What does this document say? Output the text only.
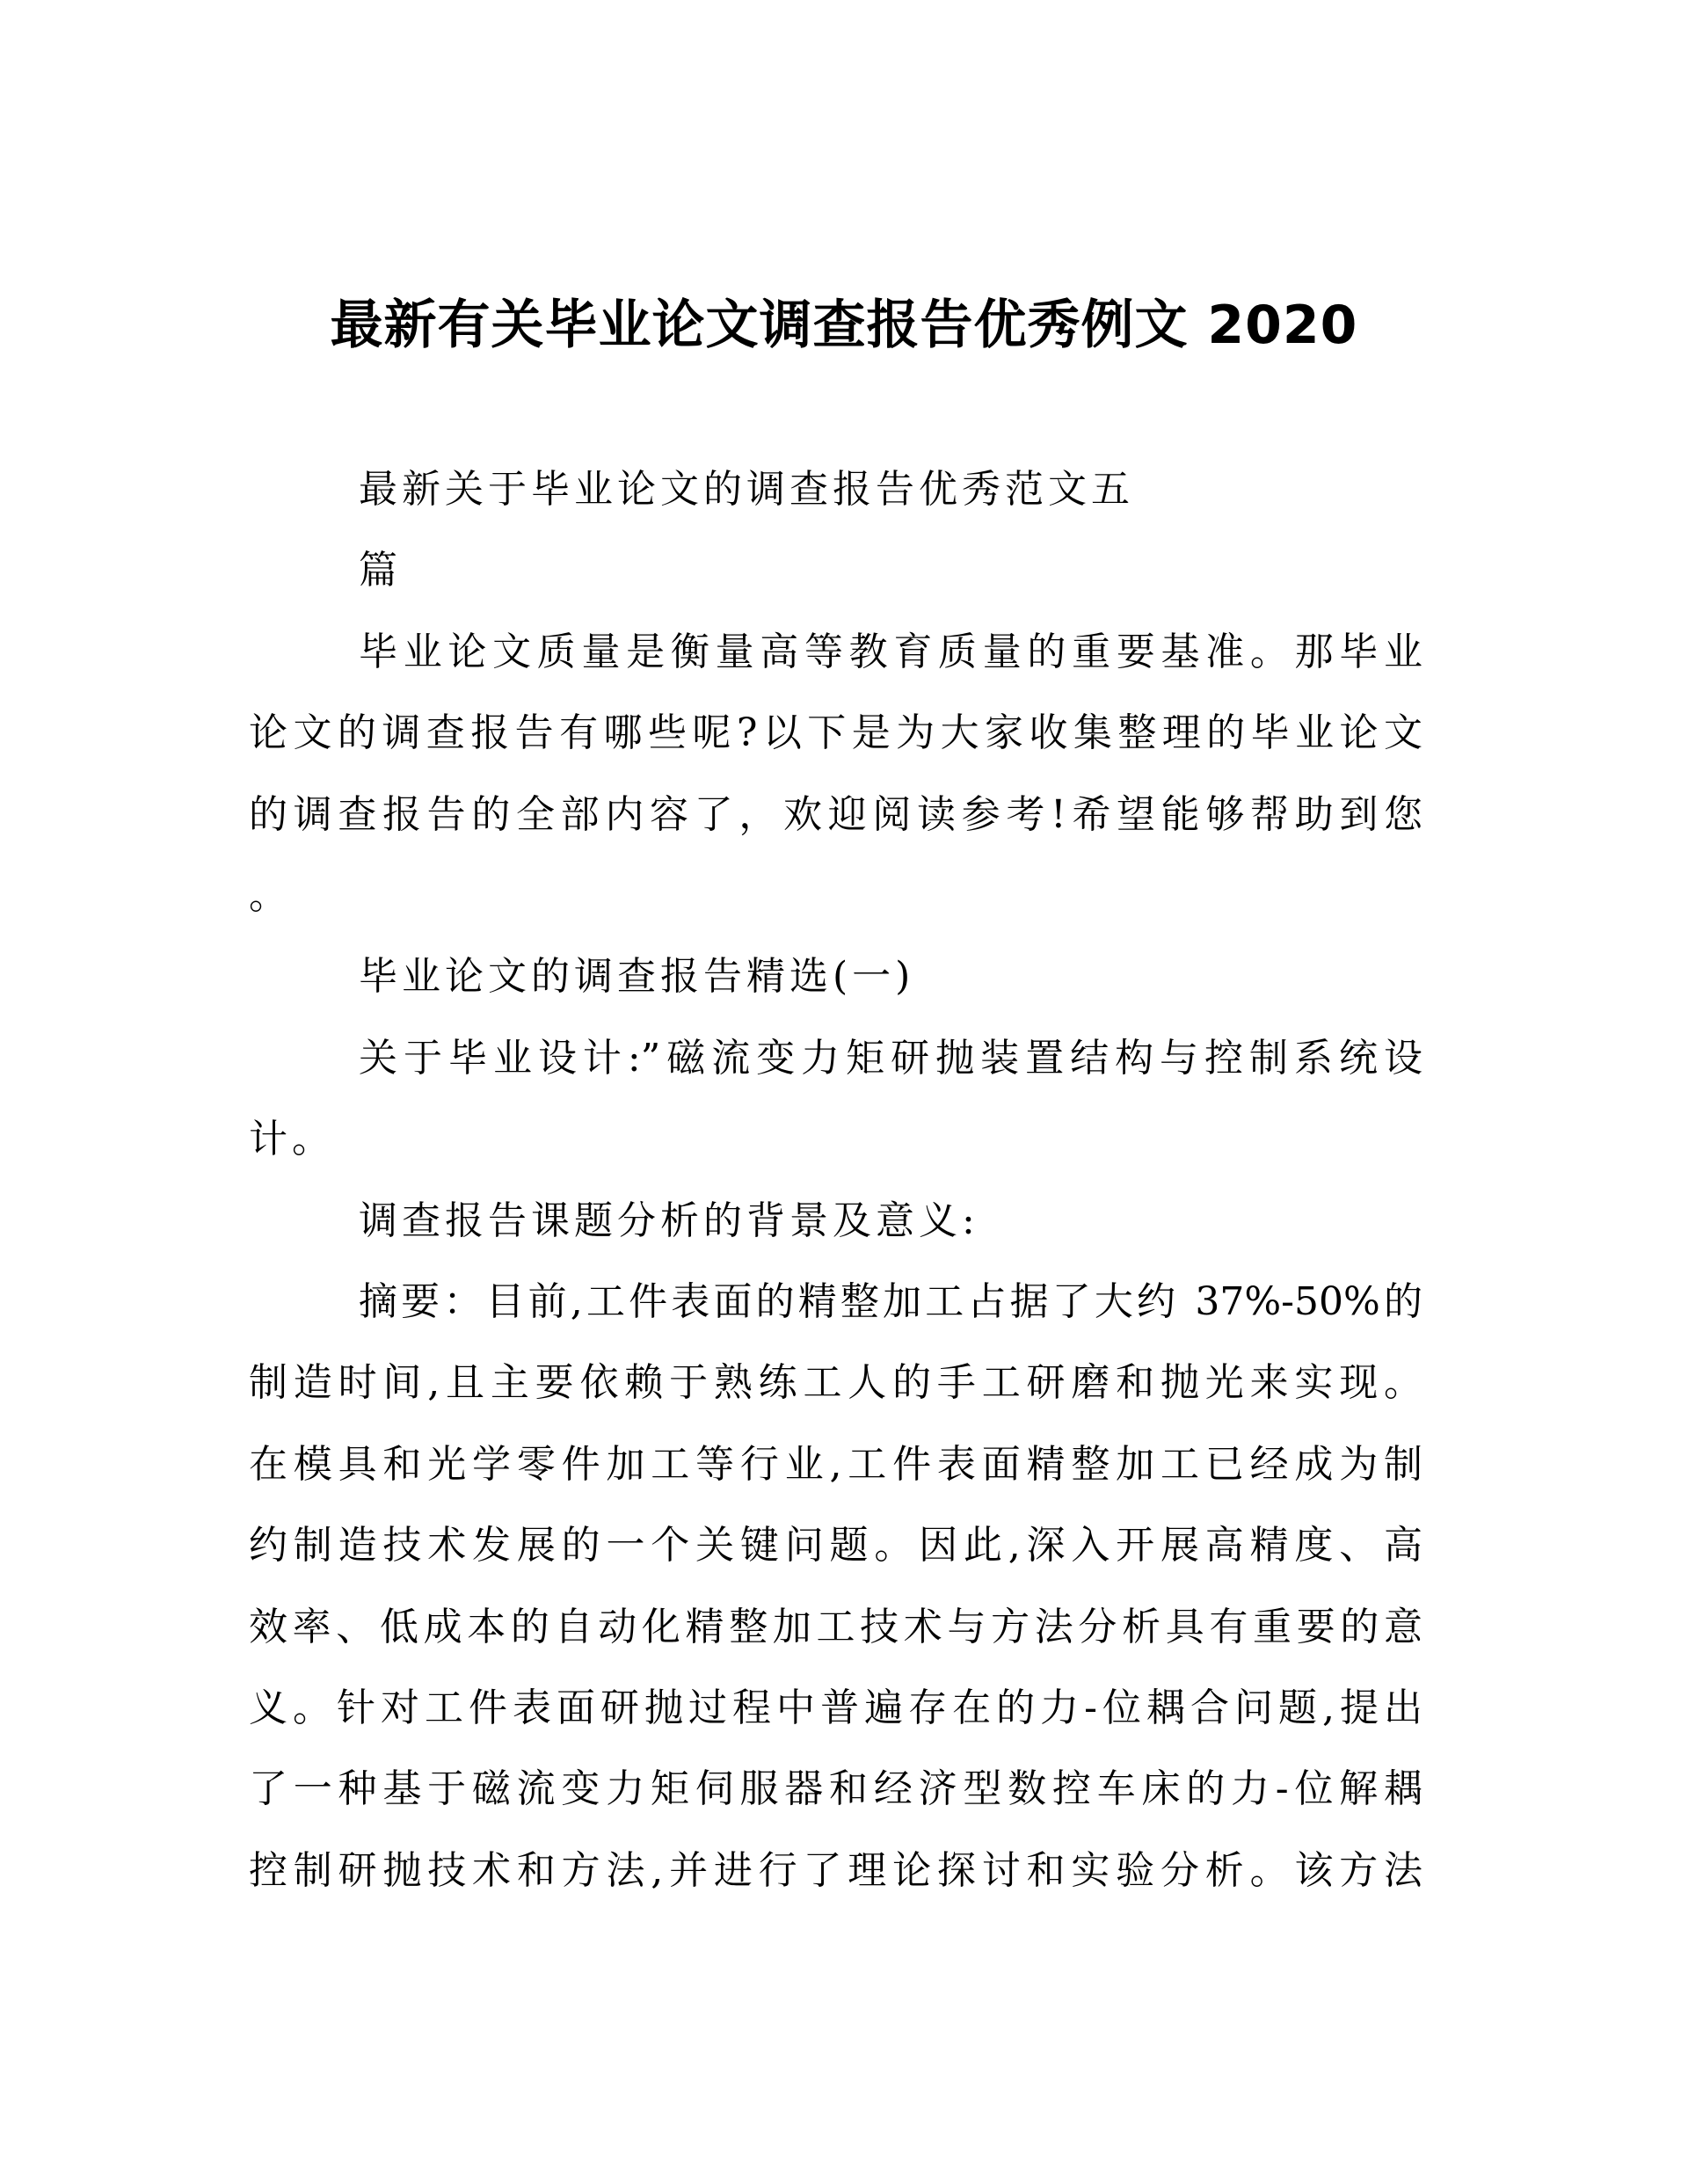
最新有关毕业论文调查报告优秀例文 2020
最新关于毕业论文的调查报告优秀范文五
篇
毕业论文质量是衡量高等教育质量的重要基准。那毕业
论文的调查报告有哪些呢?以下是为大家收集整理的毕业论文
的调查报告的全部内容了，欢迎阅读参考!希望能够帮助到您
。
毕业论文的调查报告精选(一)
关于毕业设计:”磁流变力矩研抛装置结构与控制系统设
计。
调查报告课题分析的背景及意义:
摘要：目前,工件表面的精整加工占据了大约 37%-50%的
制造时间,且主要依赖于熟练工人的手工研磨和抛光来实现。
在模具和光学零件加工等行业,工件表面精整加工已经成为制
约制造技术发展的一个关键问题。因此,深入开展高精度、高
效率、低成本的自动化精整加工技术与方法分析具有重要的意
义。针对工件表面研抛过程中普遍存在的力-位耦合问题,提出
了一种基于磁流变力矩伺服器和经济型数控车床的力-位解耦
控制研抛技术和方法,并进行了理论探讨和实验分析。该方法
